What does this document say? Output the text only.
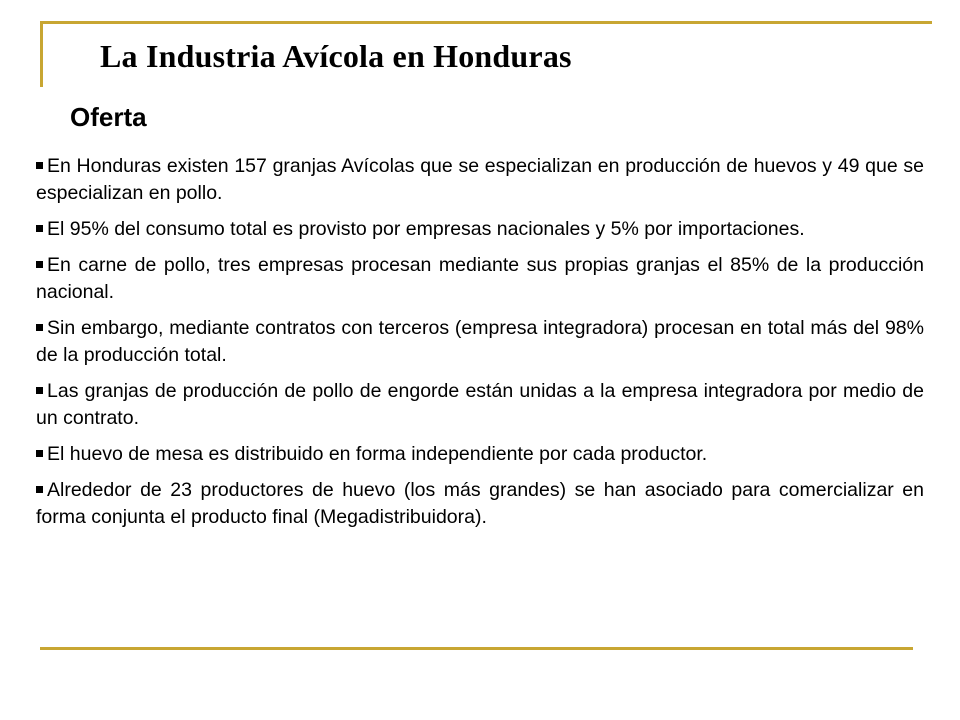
La Industria Avícola en Honduras
Oferta
En Honduras existen 157 granjas Avícolas que se especializan en producción de huevos y 49 que se especializan en pollo.
El 95% del consumo total es provisto por empresas nacionales y 5% por importaciones.
En carne de pollo, tres empresas procesan mediante sus propias granjas el 85% de la producción nacional.
Sin embargo, mediante contratos con terceros (empresa integradora) procesan en total más del 98% de la producción total.
Las granjas de producción de pollo de engorde están unidas a la empresa integradora por medio de un contrato.
El huevo de mesa es distribuido en forma independiente por cada productor.
Alrededor de 23 productores de huevo (los más grandes) se han asociado para comercializar en forma conjunta el producto final (Megadistribuidora).
